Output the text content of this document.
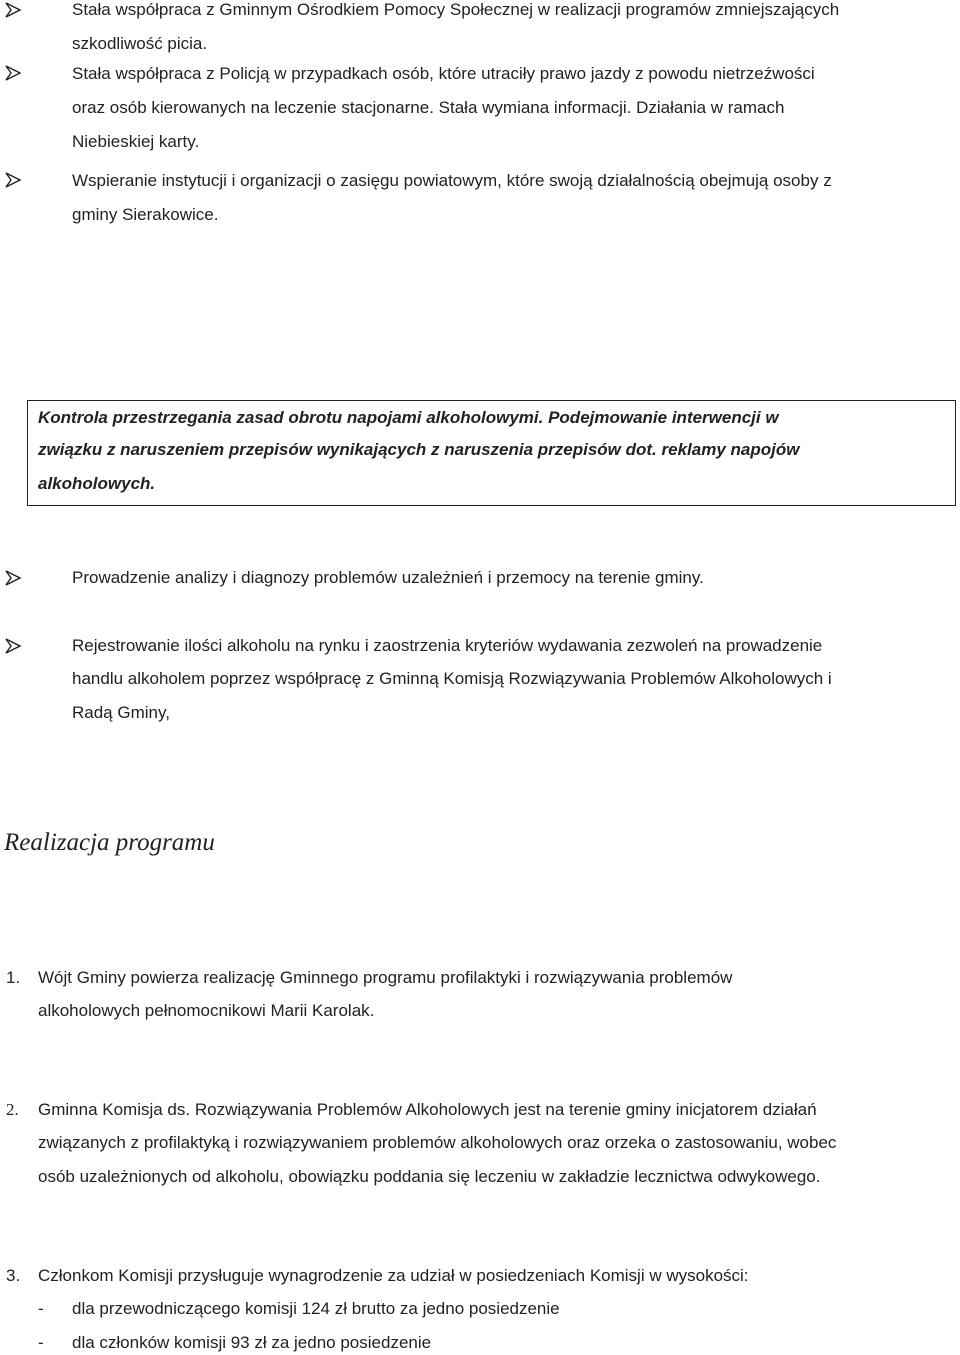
Stała współpraca z Gminnym Ośrodkiem Pomocy Społecznej w realizacji programów zmniejszających
szkodliwość picia.
Stała współpraca z Policją w przypadkach osób, które utraciły prawo jazdy z powodu nietrzeźwości
oraz osób kierowanych na leczenie stacjonarne. Stała wymiana informacji. Działania w ramach
Niebieskiej karty.
Wspieranie instytucji i organizacji o zasięgu powiatowym, które swoją działalnością obejmują osoby z
gminy Sierakowice.
Kontrola przestrzegania zasad obrotu napojami alkoholowymi. Podejmowanie interwencji w
związku z naruszeniem przepisów wynikających z naruszenia przepisów dot. reklamy napojów
alkoholowych.
Prowadzenie analizy i diagnozy problemów uzależnień i przemocy na terenie gminy.
Rejestrowanie ilości alkoholu na rynku i zaostrzenia kryteriów wydawania zezwoleń na prowadzenie
handlu alkoholem poprzez współpracę z Gminną Komisją Rozwiązywania Problemów Alkoholowych i
Radą Gminy,
Realizacja programu
1. Wójt Gminy powierza realizację Gminnego programu profilaktyki i rozwiązywania problemów
alkoholowych pełnomocnikowi Marii Karolak.
2. Gminna Komisja ds. Rozwiązywania Problemów Alkoholowych jest na terenie gminy inicjatorem działań
związanych z profilaktyką i rozwiązywaniem problemów alkoholowych oraz orzeka o zastosowaniu, wobec
osób uzależnionych od alkoholu, obowiązku poddania się leczeniu w zakładzie lecznictwa odwykowego.
3. Członkom Komisji przysługuje wynagrodzenie za udział w posiedzeniach Komisji w wysokości:
- dla przewodniczącego komisji 124 zł brutto za jedno posiedzenie
- dla członków komisji 93 zł za jedno posiedzenie
